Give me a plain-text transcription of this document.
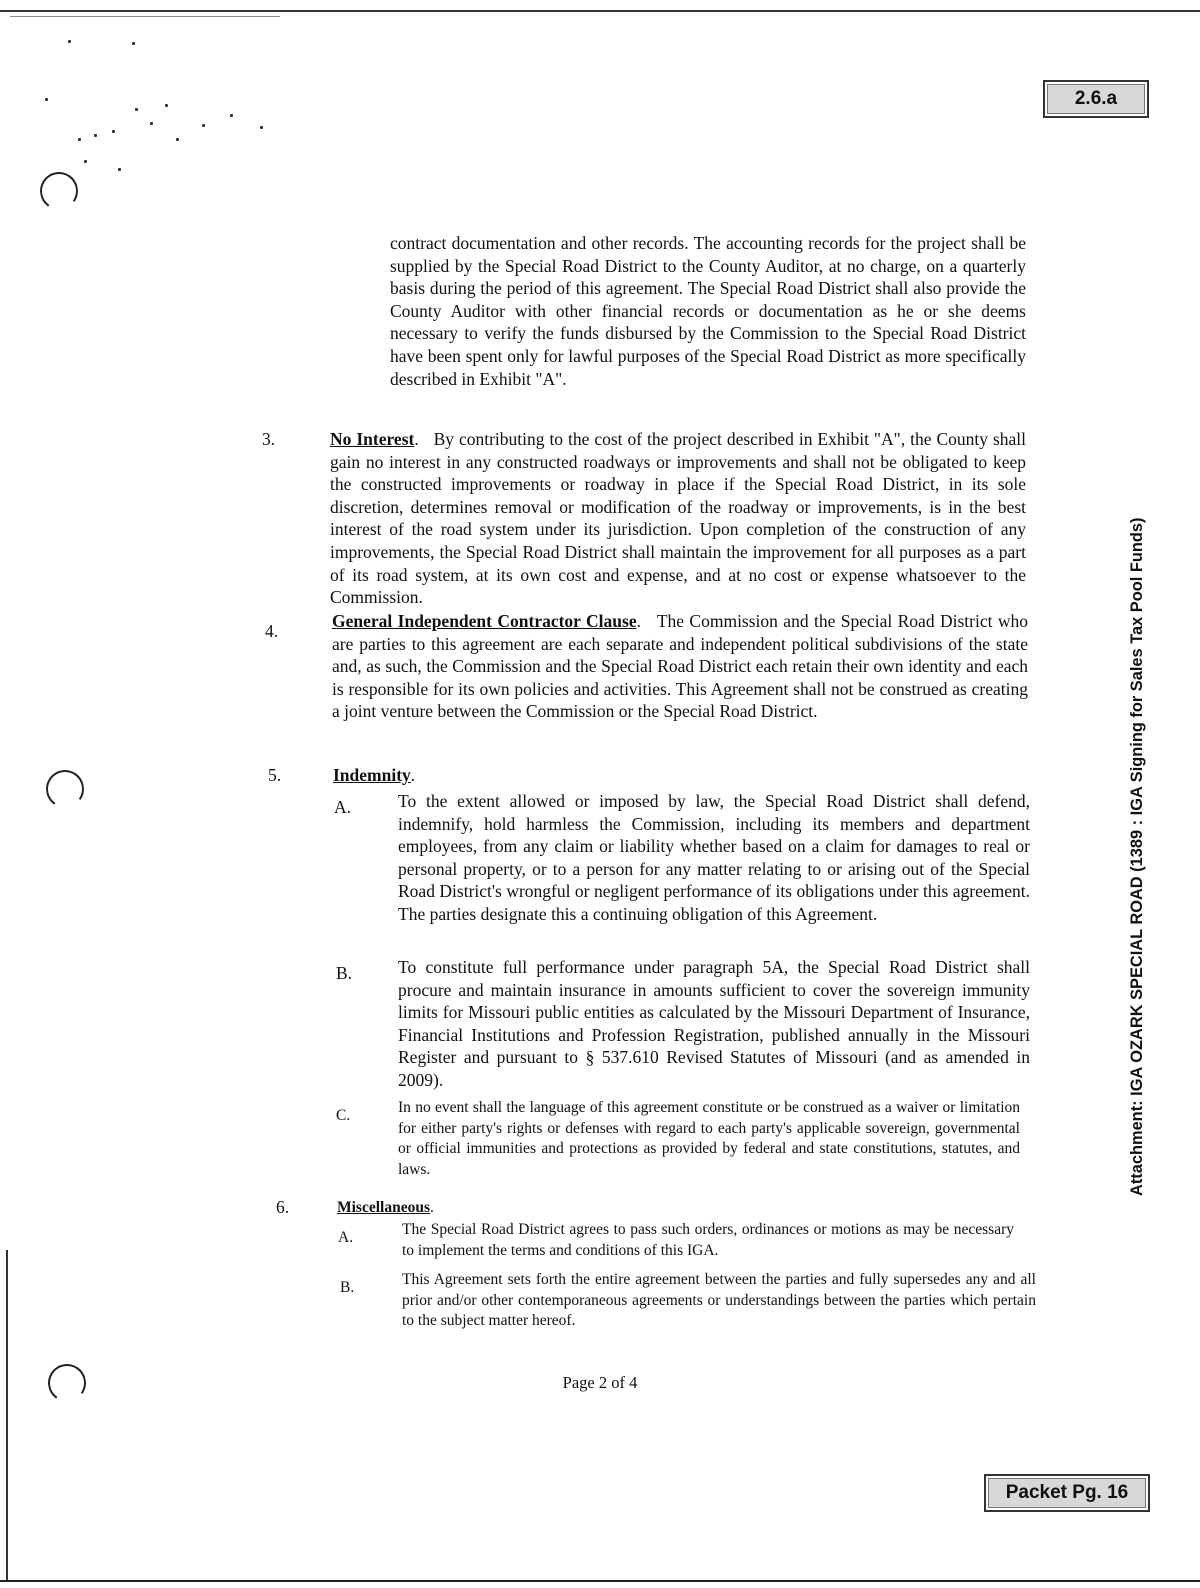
2.6.a
Packet Pg. 16
Attachment: IGA OZARK SPECIAL ROAD (1389 : IGA Signing for Sales Tax Pool Funds)
contract documentation and other records. The accounting records for the project shall be supplied by the Special Road District to the County Auditor, at no charge, on a quarterly basis during the period of this agreement. The Special Road District shall also provide the County Auditor with other financial records or documentation as he or she deems necessary to verify the funds disbursed by the Commission to the Special Road District have been spent only for lawful purposes of the Special Road District as more specifically described in Exhibit "A".
3.	No Interest. By contributing to the cost of the project described in Exhibit "A", the County shall gain no interest in any constructed roadways or improvements and shall not be obligated to keep the constructed improvements or roadway in place if the Special Road District, in its sole discretion, determines removal or modification of the roadway or improvements, is in the best interest of the road system under its jurisdiction. Upon completion of the construction of any improvements, the Special Road District shall maintain the improvement for all purposes as a part of its road system, at its own cost and expense, and at no cost or expense whatsoever to the Commission.
4.	General Independent Contractor Clause. The Commission and the Special Road District who are parties to this agreement are each separate and independent political subdivisions of the state and, as such, the Commission and the Special Road District each retain their own identity and each is responsible for its own policies and activities. This Agreement shall not be construed as creating a joint venture between the Commission or the Special Road District.
5.	Indemnity.
A.	To the extent allowed or imposed by law, the Special Road District shall defend, indemnify, hold harmless the Commission, including its members and department employees, from any claim or liability whether based on a claim for damages to real or personal property, or to a person for any matter relating to or arising out of the Special Road District's wrongful or negligent performance of its obligations under this agreement. The parties designate this a continuing obligation of this Agreement.
B.	To constitute full performance under paragraph 5A, the Special Road District shall procure and maintain insurance in amounts sufficient to cover the sovereign immunity limits for Missouri public entities as calculated by the Missouri Department of Insurance, Financial Institutions and Profession Registration, published annually in the Missouri Register and pursuant to § 537.610 Revised Statutes of Missouri (and as amended in 2009).
C.	In no event shall the language of this agreement constitute or be construed as a waiver or limitation for either party's rights or defenses with regard to each party's applicable sovereign, governmental or official immunities and protections as provided by federal and state constitutions, statutes, and laws.
6.	Miscellaneous.
A.	The Special Road District agrees to pass such orders, ordinances or motions as may be necessary to implement the terms and conditions of this IGA.
B.	This Agreement sets forth the entire agreement between the parties and fully supersedes any and all prior and/or other contemporaneous agreements or understandings between the parties which pertain to the subject matter hereof.
Page 2 of 4
